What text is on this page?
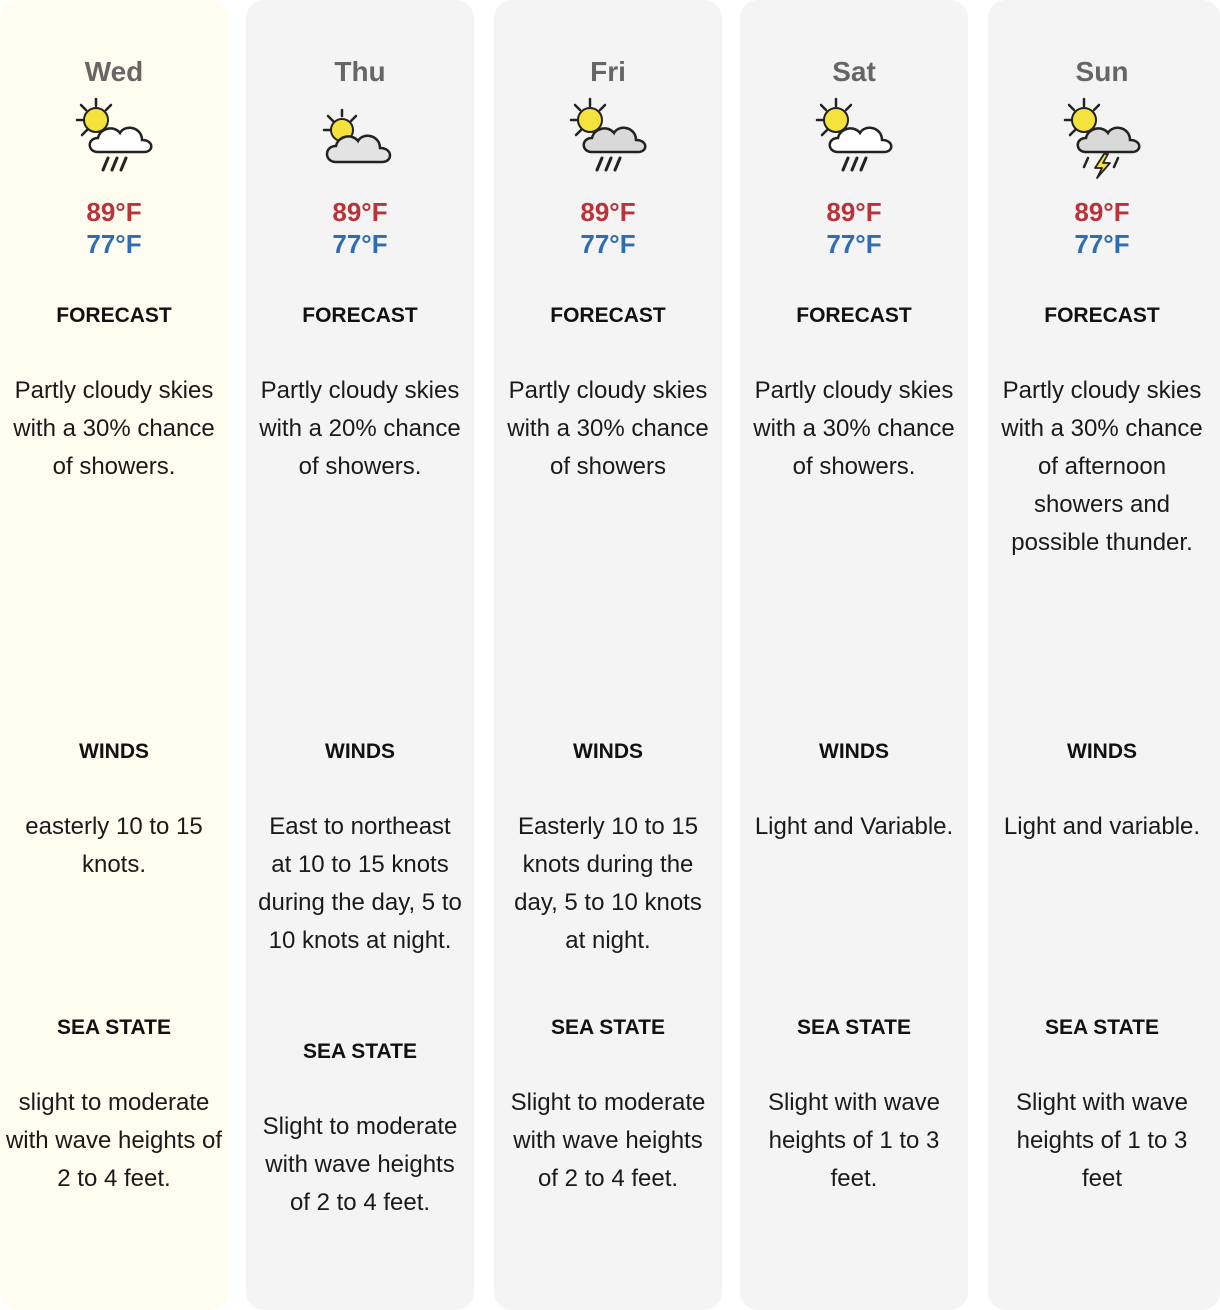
Wed
89°F
77°F
FORECAST
Partly cloudy skies with a 30% chance of showers.
WINDS
easterly 10 to 15 knots.
SEA STATE
slight to moderate with wave heights of 2 to 4 feet.
Thu
89°F
77°F
FORECAST
Partly cloudy skies with a 20% chance of showers.
WINDS
East to northeast at 10 to 15 knots during the day, 5 to 10 knots at night.
SEA STATE
Slight to moderate with wave heights of 2 to 4 feet.
Fri
89°F
77°F
FORECAST
Partly cloudy skies with a 30% chance of showers
WINDS
Easterly 10 to 15 knots during the day, 5 to 10 knots at night.
SEA STATE
Slight to moderate with wave heights of 2 to 4 feet.
Sat
89°F
77°F
FORECAST
Partly cloudy skies with a 30% chance of showers.
WINDS
Light and Variable.
SEA STATE
Slight with wave heights of 1 to 3 feet.
Sun
89°F
77°F
FORECAST
Partly cloudy skies with a 30% chance of afternoon showers and possible thunder.
WINDS
Light and variable.
SEA STATE
Slight with wave heights of 1 to 3 feet
